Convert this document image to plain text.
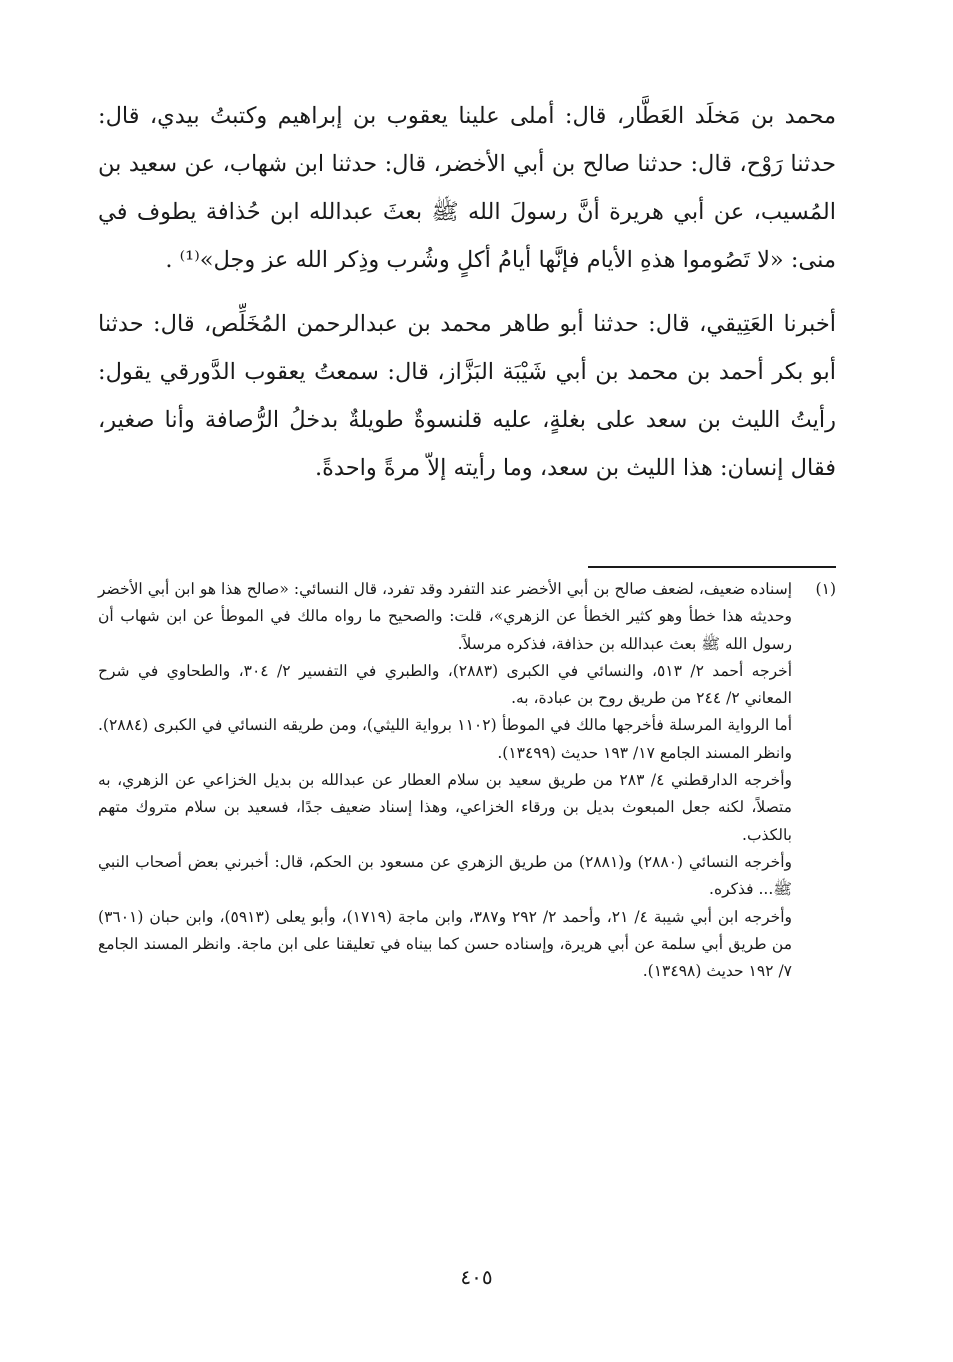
محمد بن مَخلَد العَطَّار، قال: أملى علينا يعقوب بن إبراهيم وكتبتُ بيدي، قال: حدثنا رَوْح، قال: حدثنا صالح بن أبي الأخضر، قال: حدثنا ابن شهاب، عن سعيد بن المُسيب، عن أبي هريرة أنَّ رسولَ الله ﷺ بعثَ عبدالله ابن حُذافة يطوف في منى: «لا تَصُوموا هذهِ الأيام فإنَّها أيامُ أكلٍ وشُرب وذِكر الله عز وجل»⁽¹⁾ .

أخبرنا العَتِيقي، قال: حدثنا أبو طاهر محمد بن عبدالرحمن المُخَلِّص، قال: حدثنا أبو بكر أحمد بن محمد بن أبي شَيْبَة البَزَّاز، قال: سمعتُ يعقوب الدَّورقي يقول: رأيتُ الليث بن سعد على بغلةٍ، عليه قلنسوةٌ طويلةٌ بدخلُ الرُّصافة وأنا صغير، فقال إنسان: هذا الليث بن سعد، وما رأيته إلاّ مرةً واحدةً.

(١)

إسناده ضعيف، لضعف صالح بن أبي الأخضر عند التفرد وقد تفرد، قال النسائي: «صالح هذا هو ابن أبي الأخضر وحديثه هذا خطأ وهو كثير الخطأ عن الزهري»، قلت: والصحيح ما رواه مالك في الموطأ عن ابن شهاب أن رسول الله ﷺ بعث عبدالله بن حذافة، فذكره مرسلاً.

أخرجه أحمد ٢/ ٥١٣، والنسائي في الكبرى (٢٨٨٣)، والطبري في التفسير ٢/ ٣٠٤، والطحاوي في شرح المعاني ٢/ ٢٤٤ من طريق روح بن عبادة، به.

أما الرواية المرسلة فأخرجها مالك في الموطأ (١١٠٢ برواية الليثي)، ومن طريقه النسائي في الكبرى (٢٨٨٤). وانظر المسند الجامع ١٧/ ١٩٣ حديث (١٣٤٩٩).

وأخرجه الدارقطني ٤/ ٢٨٣ من طريق سعيد بن سلام العطار عن عبدالله بن بديل الخزاعي عن الزهري، به متصلاً، لكنه جعل المبعوث بديل بن ورقاء الخزاعي، وهذا إسناد ضعيف جدًا، فسعيد بن سلام متروك متهم بالكذب.

وأخرجه النسائي (٢٨٨٠) و(٢٨٨١) من طريق الزهري عن مسعود بن الحكم، قال: أخبرني بعض أصحاب النبي ﷺ... فذكره.

وأخرجه ابن أبي شيبة ٤/ ٢١، وأحمد ٢/ ٢٩٢ و٣٨٧، وابن ماجة (١٧١٩)، وأبو يعلى (٥٩١٣)، وابن حبان (٣٦٠١) من طريق أبي سلمة عن أبي هريرة، وإسناده حسن كما بيناه في تعليقنا على ابن ماجة. وانظر المسند الجامع ٧/ ١٩٢ حديث (١٣٤٩٨).

٤٠٥
